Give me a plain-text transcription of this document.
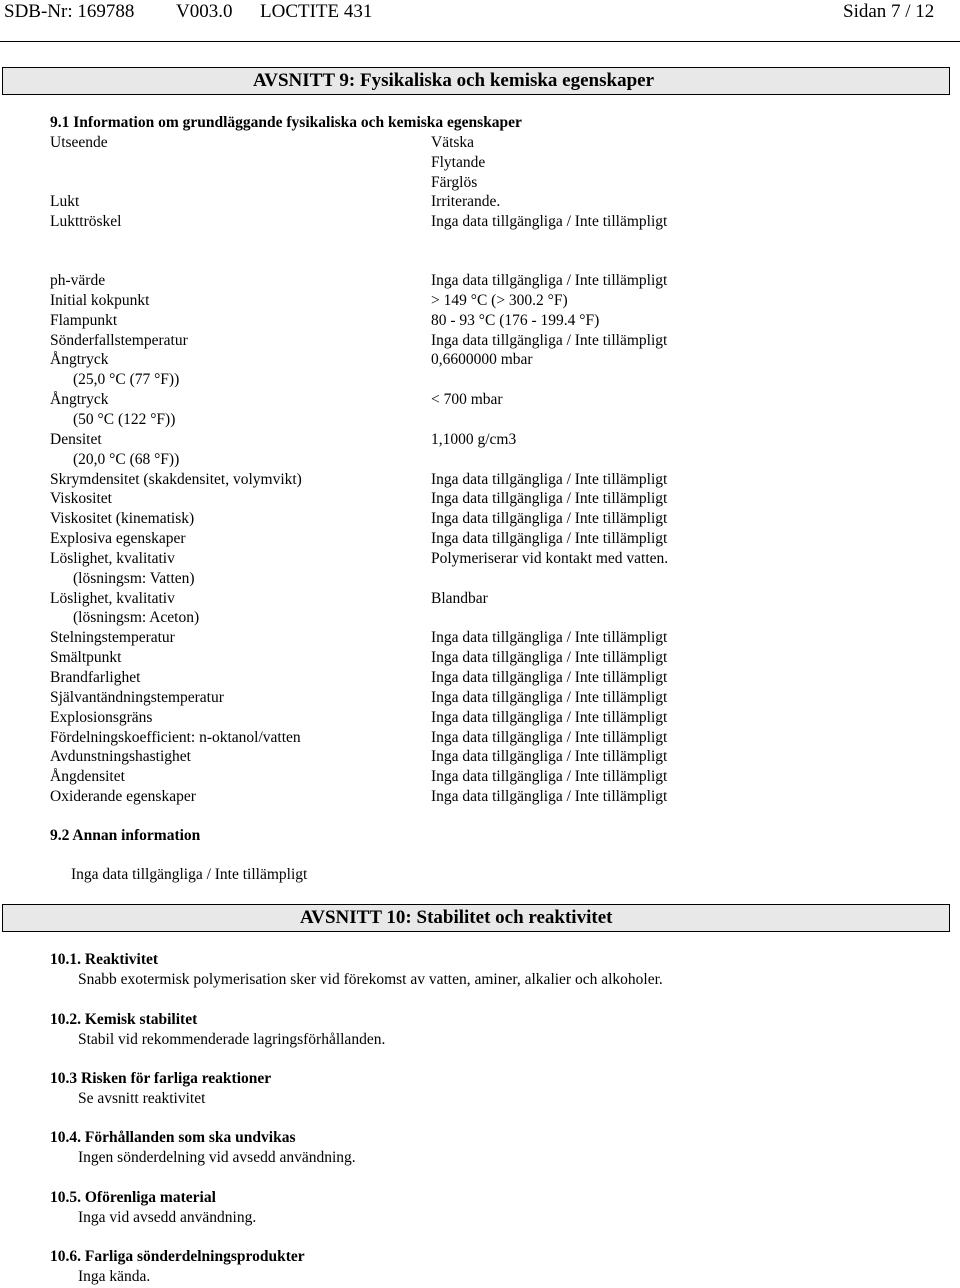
SDB-Nr: 169788 V003.0 LOCTITE 431	Sidan 7 / 12
AVSNITT 9: Fysikaliska och kemiska egenskaper
9.1 Information om grundläggande fysikaliska och kemiska egenskaper
Utseende	Vätska
Flytande
Färglös
Lukt	Irriterande.
Lukttröskel	Inga data tillgängliga / Inte tillämpligt
ph-värde	Inga data tillgängliga / Inte tillämpligt
Initial kokpunkt	> 149 °C (> 300.2 °F)
Flampunkt	80 - 93 °C (176 - 199.4 °F)
Sönderfallstemperatur	Inga data tillgängliga / Inte tillämpligt
Ångtryck	0,6600000 mbar
(25,0 °C (77 °F))
Ångtryck	< 700 mbar
(50 °C (122 °F))
Densitet	1,1000 g/cm3
(20,0 °C (68 °F))
Skrymdensitet (skakdensitet, volymvikt)	Inga data tillgängliga / Inte tillämpligt
Viskositet	Inga data tillgängliga / Inte tillämpligt
Viskositet (kinematisk)	Inga data tillgängliga / Inte tillämpligt
Explosiva egenskaper	Inga data tillgängliga / Inte tillämpligt
Löslighet, kvalitativ	Polymeriserar vid kontakt med vatten.
(lösningsm: Vatten)
Löslighet, kvalitativ	Blandbar
(lösningsm: Aceton)
Stelningstemperatur	Inga data tillgängliga / Inte tillämpligt
Smältpunkt	Inga data tillgängliga / Inte tillämpligt
Brandfarlighet	Inga data tillgängliga / Inte tillämpligt
Självantändningstemperatur	Inga data tillgängliga / Inte tillämpligt
Explosionsgräns	Inga data tillgängliga / Inte tillämpligt
Fördelningskoefficient: n-oktanol/vatten	Inga data tillgängliga / Inte tillämpligt
Avdunstningshastighet	Inga data tillgängliga / Inte tillämpligt
Ångdensitet	Inga data tillgängliga / Inte tillämpligt
Oxiderande egenskaper	Inga data tillgängliga / Inte tillämpligt
9.2 Annan information
Inga data tillgängliga / Inte tillämpligt
AVSNITT 10: Stabilitet och reaktivitet
10.1. Reaktivitet
Snabb exotermisk polymerisation sker vid förekomst av vatten, aminer, alkalier och alkoholer.
10.2. Kemisk stabilitet
Stabil vid rekommenderade lagringsförhållanden.
10.3 Risken för farliga reaktioner
Se avsnitt reaktivitet
10.4. Förhållanden som ska undvikas
Ingen sönderdelning vid avsedd användning.
10.5. Oförenliga material
Inga vid avsedd användning.
10.6. Farliga sönderdelningsprodukter
Inga kända.
